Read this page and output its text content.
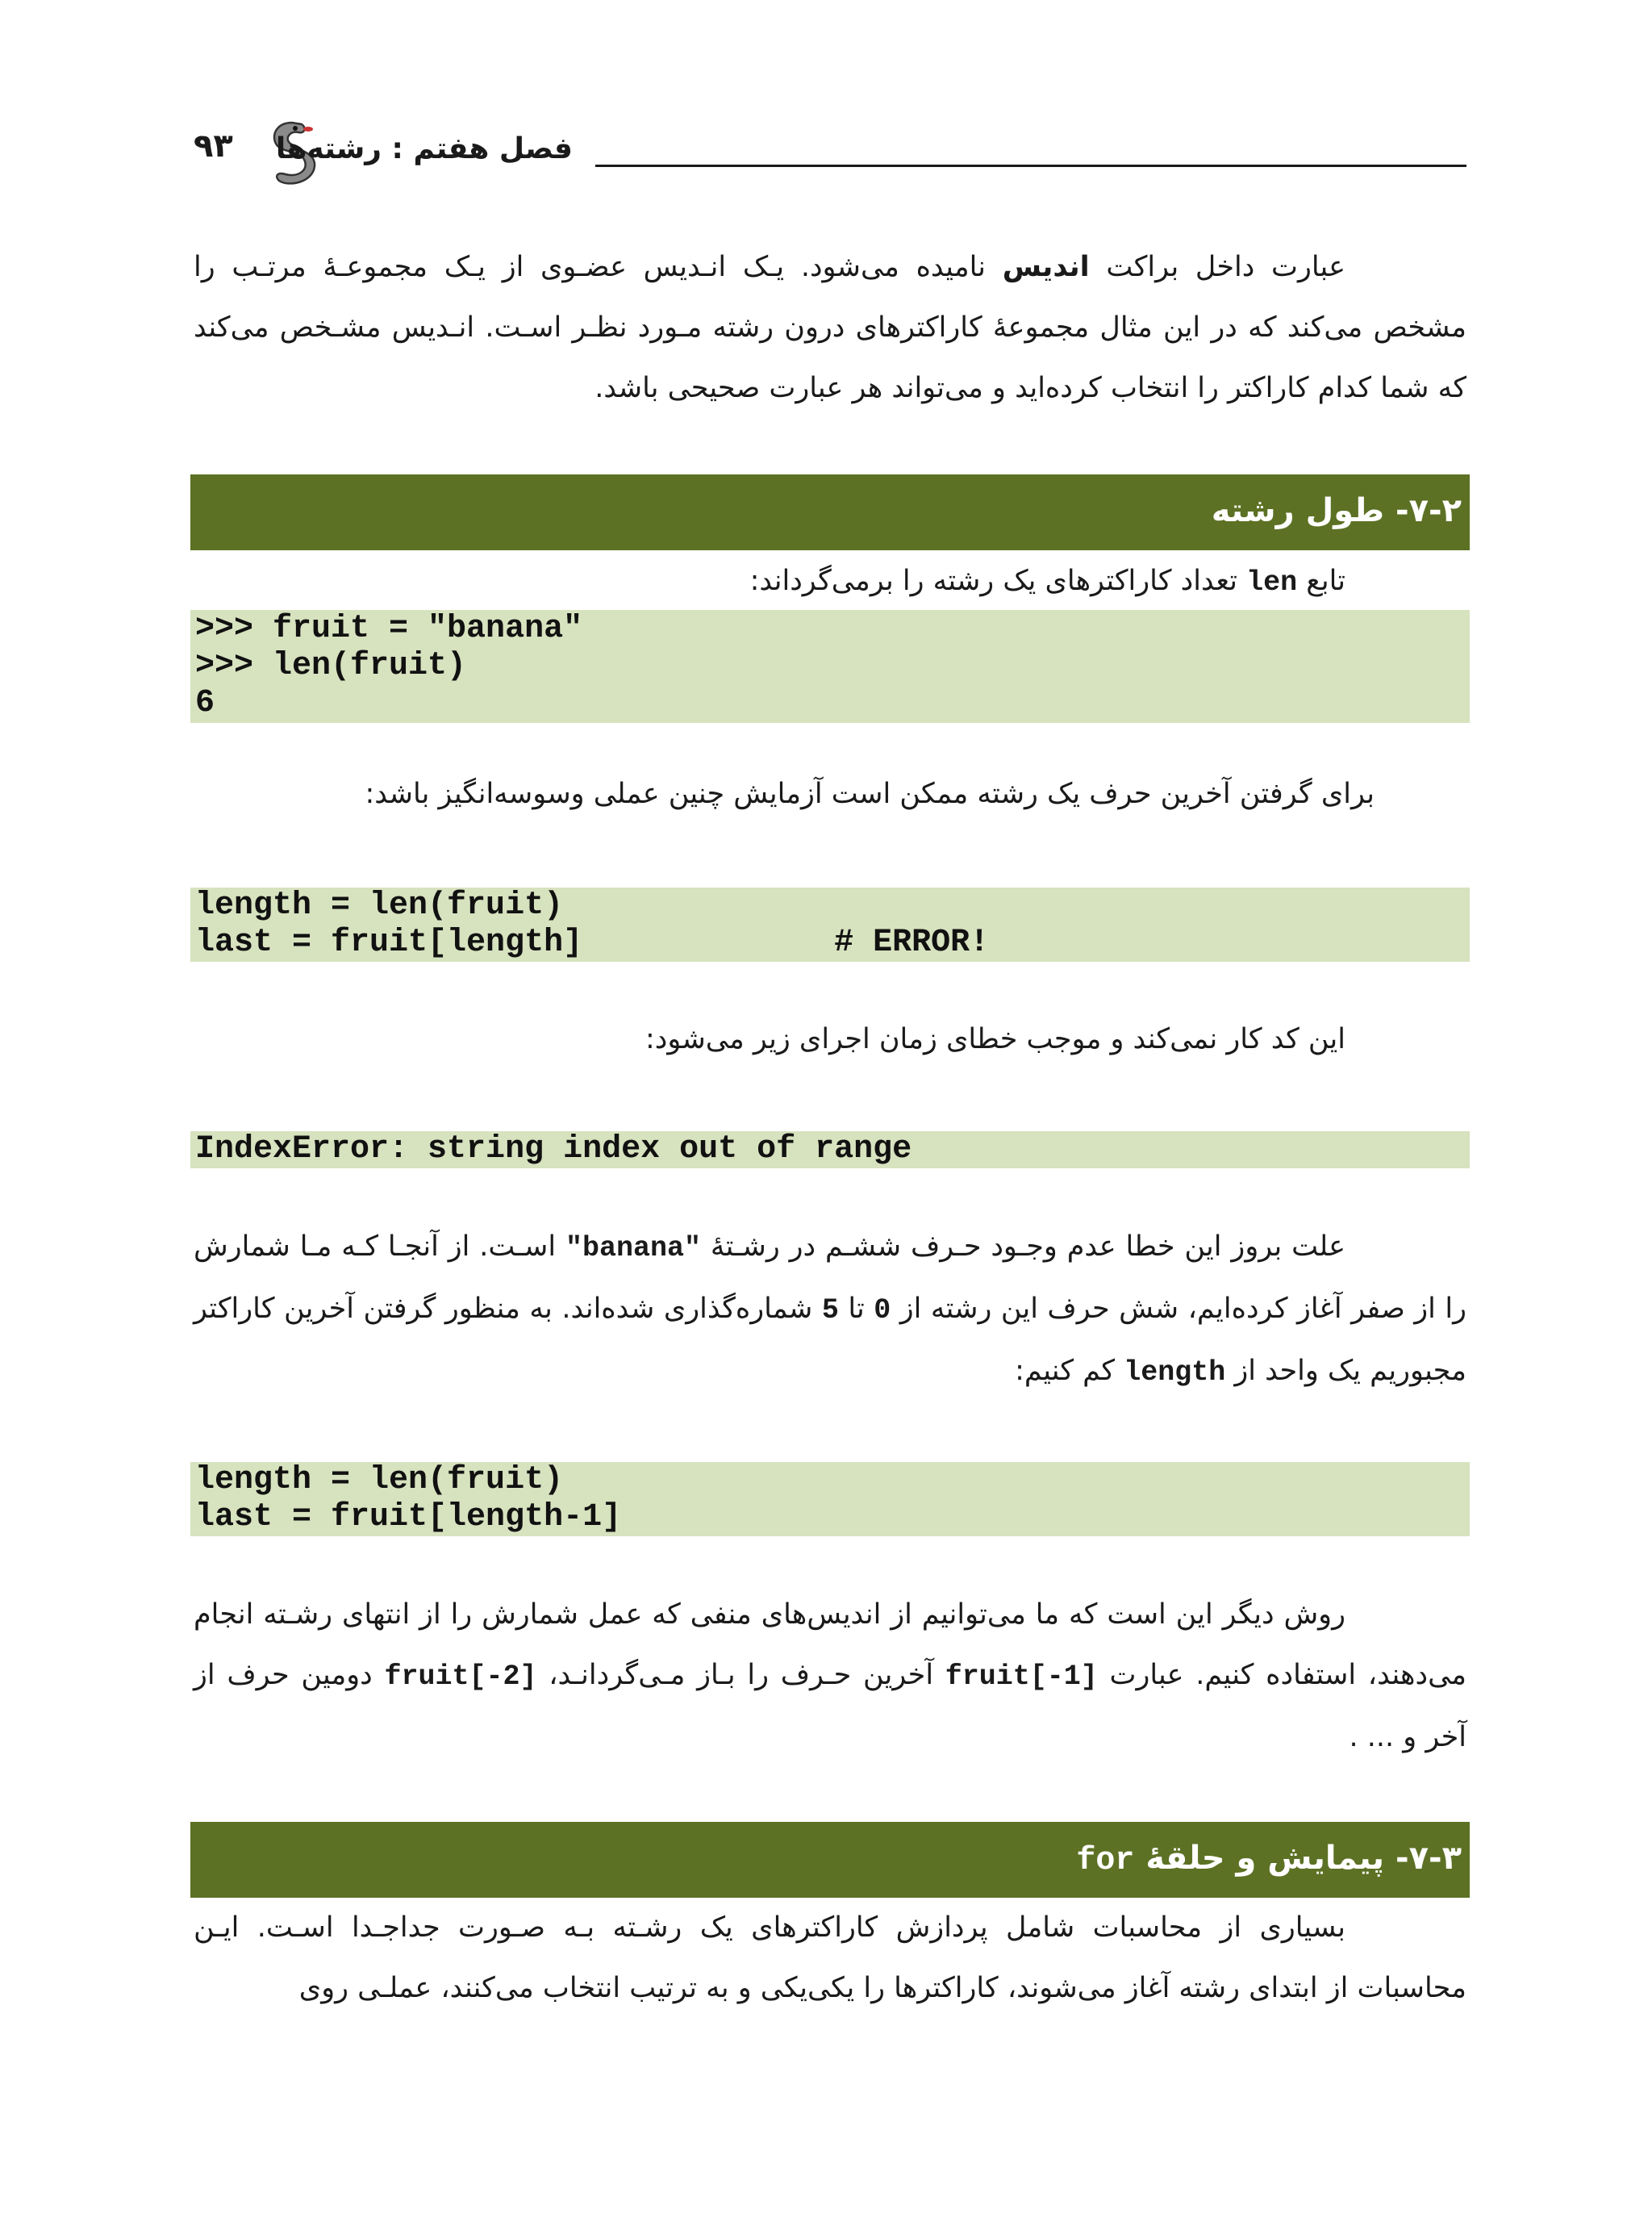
۹۳ فصل هفتم : رشته‌ها
عبارت داخل براکت اندیس نامیده می‌شود. یـک انـدیس عضـوی از یـک مجموعـۀ مرتـب را مشخص می‌کند که در این مثال مجموعۀ کاراکترهای درون رشته مـورد نظـر اسـت. انـدیس مشـخص می‌کند که شما کدام کاراکتر را انتخاب کرده‌اید و می‌تواند هر عبارت صحیحی باشد.
۷-۲- طول رشته
تابع len تعداد کاراکترهای یک رشته را برمی‌گرداند:
>>> fruit = "banana"
>>> len(fruit)
6
برای گرفتن آخرین حرف یک رشته ممکن است آزمایش چنین عملی وسوسه‌انگیز باشد:
length = len(fruit)
last = fruit[length]             # ERROR!
این کد کار نمی‌کند و موجب خطای زمان اجرای زیر می‌شود:
IndexError: string index out of range
علت بروز این خطا عدم وجـود حـرف ششـم در رشـتۀ "banana" اسـت. از آنجـا کـه مـا شمارش را از صفر آغاز کرده‌ایم، شش حرف این رشته از 0 تا 5 شماره‌گذاری شده‌اند. به منظور گرفتن آخرین کاراکتر مجبوریم یک واحد از length کم کنیم:
length = len(fruit)
last = fruit[length-1]
روش دیگر این است که ما می‌توانیم از اندیس‌های منفی که عمل شمارش را از انتهای رشـته انجام می‌دهند، استفاده کنیم. عبارت fruit[-1] آخرین حـرف را بـاز مـی‌گردانـد، fruit[-2] دومین حرف از آخر و ... .
۷-۳- پیمایش و حلقۀ for
بسیاری از محاسبات شامل پردازش کاراکترهای یک رشـته بـه صـورت جداجـدا اسـت. ایـن محاسبات از ابتدای رشته آغاز می‌شوند، کاراکترها را یکی‌یکی و به ترتیب انتخاب می‌کنند، عملـی روی
